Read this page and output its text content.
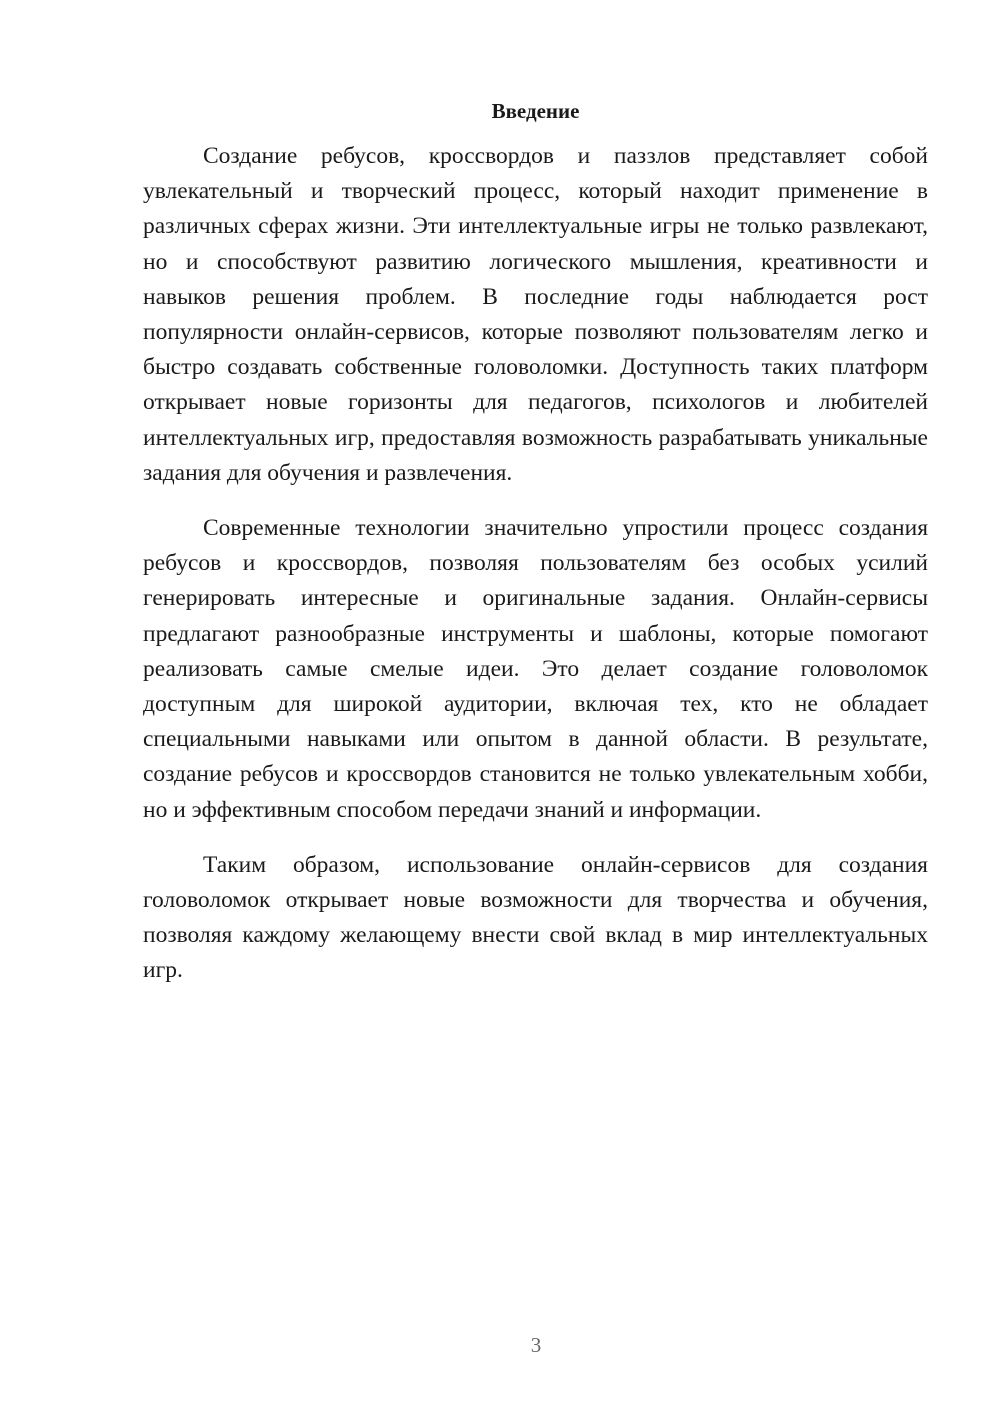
Введение

Создание ребусов, кроссвордов и паззлов представляет собой увлекательный и творческий процесс, который находит применение в различных сферах жизни. Эти интеллектуальные игры не только развлекают, но и способствуют развитию логического мышления, креативности и навыков решения проблем. В последние годы наблюдается рост популярности онлайн-сервисов, которые позволяют пользователям легко и быстро создавать собственные головоломки. Доступность таких платформ открывает новые горизонты для педагогов, психологов и любителей интеллектуальных игр, предоставляя возможность разрабатывать уникальные задания для обучения и развлечения.

Современные технологии значительно упростили процесс создания ребусов и кроссвордов, позволяя пользователям без особых усилий генерировать интересные и оригинальные задания. Онлайн-сервисы предлагают разнообразные инструменты и шаблоны, которые помогают реализовать самые смелые идеи. Это делает создание головоломок доступным для широкой аудитории, включая тех, кто не обладает специальными навыками или опытом в данной области. В результате, создание ребусов и кроссвордов становится не только увлекательным хобби, но и эффективным способом передачи знаний и информации.

Таким образом, использование онлайн-сервисов для создания головоломок открывает новые возможности для творчества и обучения, позволяя каждому желающему внести свой вклад в мир интеллектуальных игр.

3
